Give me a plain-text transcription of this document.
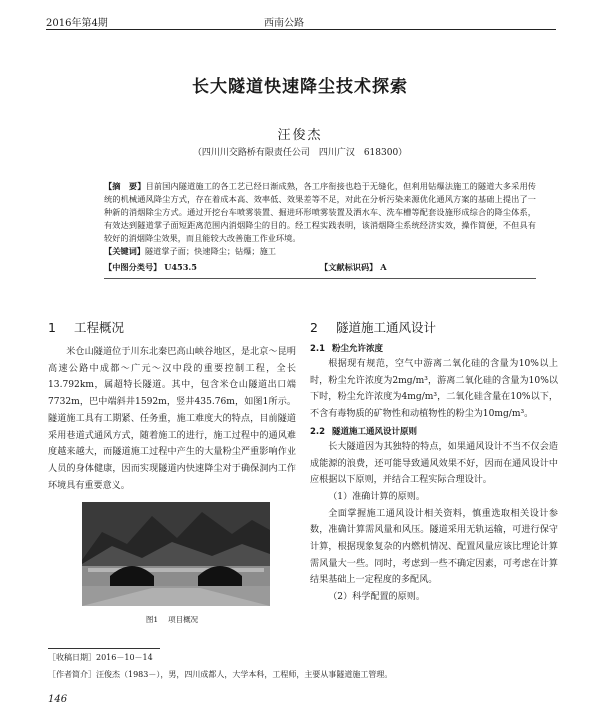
2016年第4期	西南公路
长大隧道快速降尘技术探索
汪俊杰
（四川川交路桥有限责任公司　四川广汉　618300）
【摘　要】目前国内隧道施工的各工艺已经日渐成熟，各工序衔接也趋于无缝化，但利用钻爆法施工的隧道大多采用传统的机械通风降尘方式，存在着成本高、效率低、效果差等不足，对此在分析污染来源优化通风方案的基础上提出了一种新的消烟除尘方式。通过开挖台车喷雾装置、掘进环形喷雾装置及洒水车、洗车槽等配套设施形成综合的降尘体系，有效达到隧道掌子面短距离范围内消烟降尘的目的。经工程实践表明，该消烟降尘系统经济实效，操作简便，不但具有较好的消烟降尘效果，而且能较大改善施工作业环境。
【关键词】隧道掌子面；快速降尘；钻爆；施工
【中图分类号】 U453.5	【文献标识码】 A
1 工程概况

米仓山隧道位于川东北秦巴高山峡谷地区，是北京～昆明高速公路中成都～广元～汉中段的重要控制工程，全长13.792km，属超特长隧道。其中，包含米仓山隧道出口端7732m，巴中端斜井1592m，竖井435.76m，如图1所示。隧道施工具有工期紧、任务重，施工难度大的特点，目前隧道采用巷道式通风方式，随着施工的进行，施工过程中的通风难度越来越大，而隧道施工过程中产生的大量粉尘严重影响作业人员的身体健康，因而实现隧道内快速降尘对于确保洞内工作环境具有重要意义。

图1 项目概况
2 隧道施工通风设计
2.1 粉尘允许浓度

根据现有规范，空气中游离二氧化硅的含量为10%以上时，粉尘允许浓度为2mg/m³，游离二氧化硅的含量为10%以下时，粉尘允许浓度为4mg/m³，二氧化硅含量在10%以下，不含有毒物质的矿物性和动植物性的粉尘为10mg/m³。

2.2 隧道施工通风设计原则

长大隧道因为其独特的特点，如果通风设计不当不仅会造成能源的浪费，还可能导致通风效果不好，因而在通风设计中应根据以下原则，并结合工程实际合理设计。

（1）准确计算的原则。

全面掌握施工通风设计相关资料，慎重选取相关设计参数，准确计算需风量和风压。隧道采用无轨运输，可进行保守计算，根据现象复杂的内燃机情况、配置风量应该比理论计算需风量大一些。同时，考虑到一些不确定因素，可考虑在计算结果基础上一定程度的多配风。

（2）科学配置的原则。

［收稿日期］2016－10－14
［作者简介］汪俊杰（1983－），男，四川成都人，大学本科，工程师，主要从事隧道施工管理。
146
